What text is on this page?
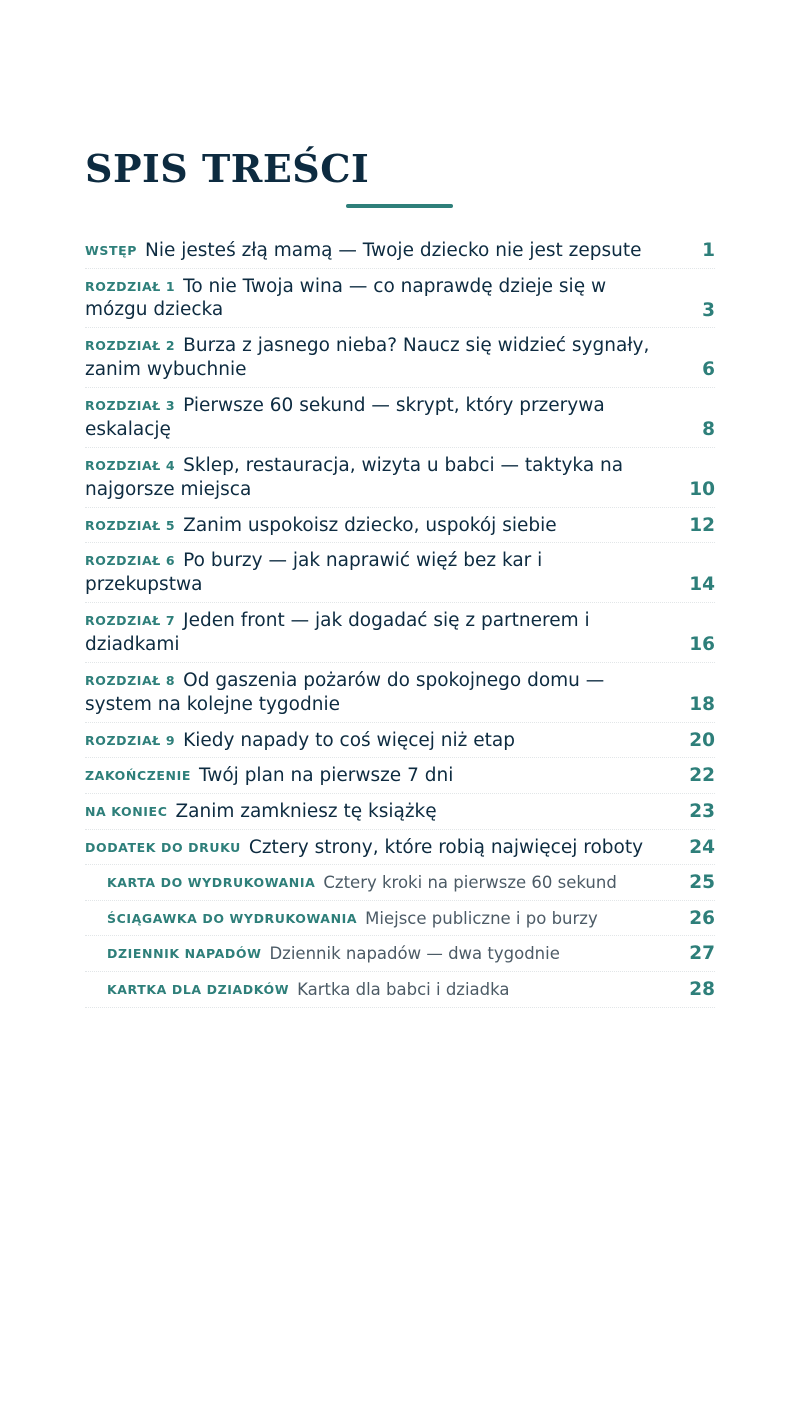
SPIS TREŚCI
WSTĘP Nie jesteś złą mamą — Twoje dziecko nie jest zepsute	1
ROZDZIAŁ 1 To nie Twoja wina — co naprawdę dzieje się w mózgu dziecka	3
ROZDZIAŁ 2 Burza z jasnego nieba? Naucz się widzieć sygnały, zanim wybuchnie	6
ROZDZIAŁ 3 Pierwsze 60 sekund — skrypt, który przerywa eskalację	8
ROZDZIAŁ 4 Sklep, restauracja, wizyta u babci — taktyka na najgorsze miejsca	10
ROZDZIAŁ 5 Zanim uspokoisz dziecko, uspokój siebie	12
ROZDZIAŁ 6 Po burzy — jak naprawić więź bez kar i przekupstwa	14
ROZDZIAŁ 7 Jeden front — jak dogadać się z partnerem i dziadkami	16
ROZDZIAŁ 8 Od gaszenia pożarów do spokojnego domu — system na kolejne tygodnie	18
ROZDZIAŁ 9 Kiedy napady to coś więcej niż etap	20
ZAKOŃCZENIE Twój plan na pierwsze 7 dni	22
NA KONIEC Zanim zamkniesz tę książkę	23
DODATEK DO DRUKU Cztery strony, które robią najwięcej roboty	24
KARTA DO WYDRUKOWANIA Cztery kroki na pierwsze 60 sekund	25
ŚCIĄGAWKA DO WYDRUKOWANIA Miejsce publiczne i po burzy	26
DZIENNIK NAPADÓW Dziennik napadów — dwa tygodnie	27
KARTKA DLA DZIADKÓW Kartka dla babci i dziadka	28
